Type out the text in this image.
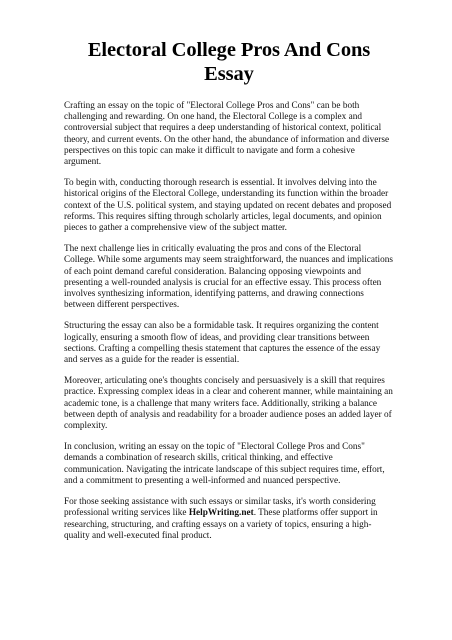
Electoral College Pros And Cons Essay

Crafting an essay on the topic of "Electoral College Pros and Cons" can be both challenging and rewarding. On one hand, the Electoral College is a complex and controversial subject that requires a deep understanding of historical context, political theory, and current events. On the other hand, the abundance of information and diverse perspectives on this topic can make it difficult to navigate and form a cohesive argument.

To begin with, conducting thorough research is essential. It involves delving into the historical origins of the Electoral College, understanding its function within the broader context of the U.S. political system, and staying updated on recent debates and proposed reforms. This requires sifting through scholarly articles, legal documents, and opinion pieces to gather a comprehensive view of the subject matter.

The next challenge lies in critically evaluating the pros and cons of the Electoral College. While some arguments may seem straightforward, the nuances and implications of each point demand careful consideration. Balancing opposing viewpoints and presenting a well-rounded analysis is crucial for an effective essay. This process often involves synthesizing information, identifying patterns, and drawing connections between different perspectives.

Structuring the essay can also be a formidable task. It requires organizing the content logically, ensuring a smooth flow of ideas, and providing clear transitions between sections. Crafting a compelling thesis statement that captures the essence of the essay and serves as a guide for the reader is essential.

Moreover, articulating one's thoughts concisely and persuasively is a skill that requires practice. Expressing complex ideas in a clear and coherent manner, while maintaining an academic tone, is a challenge that many writers face. Additionally, striking a balance between depth of analysis and readability for a broader audience poses an added layer of complexity.

In conclusion, writing an essay on the topic of "Electoral College Pros and Cons" demands a combination of research skills, critical thinking, and effective communication. Navigating the intricate landscape of this subject requires time, effort, and a commitment to presenting a well-informed and nuanced perspective.

For those seeking assistance with such essays or similar tasks, it's worth considering professional writing services like HelpWriting.net. These platforms offer support in researching, structuring, and crafting essays on a variety of topics, ensuring a high-quality and well-executed final product.
